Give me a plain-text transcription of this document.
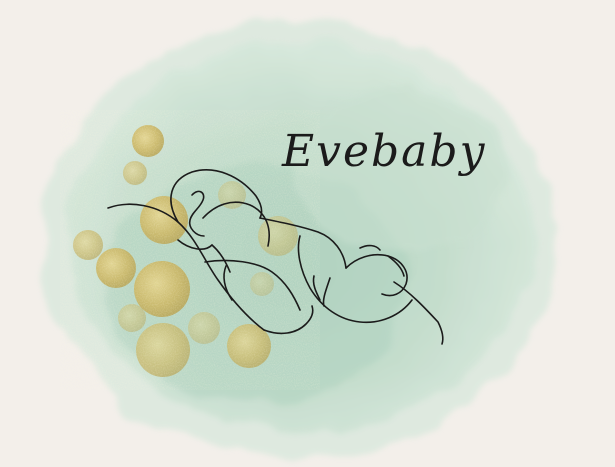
Evebaby
